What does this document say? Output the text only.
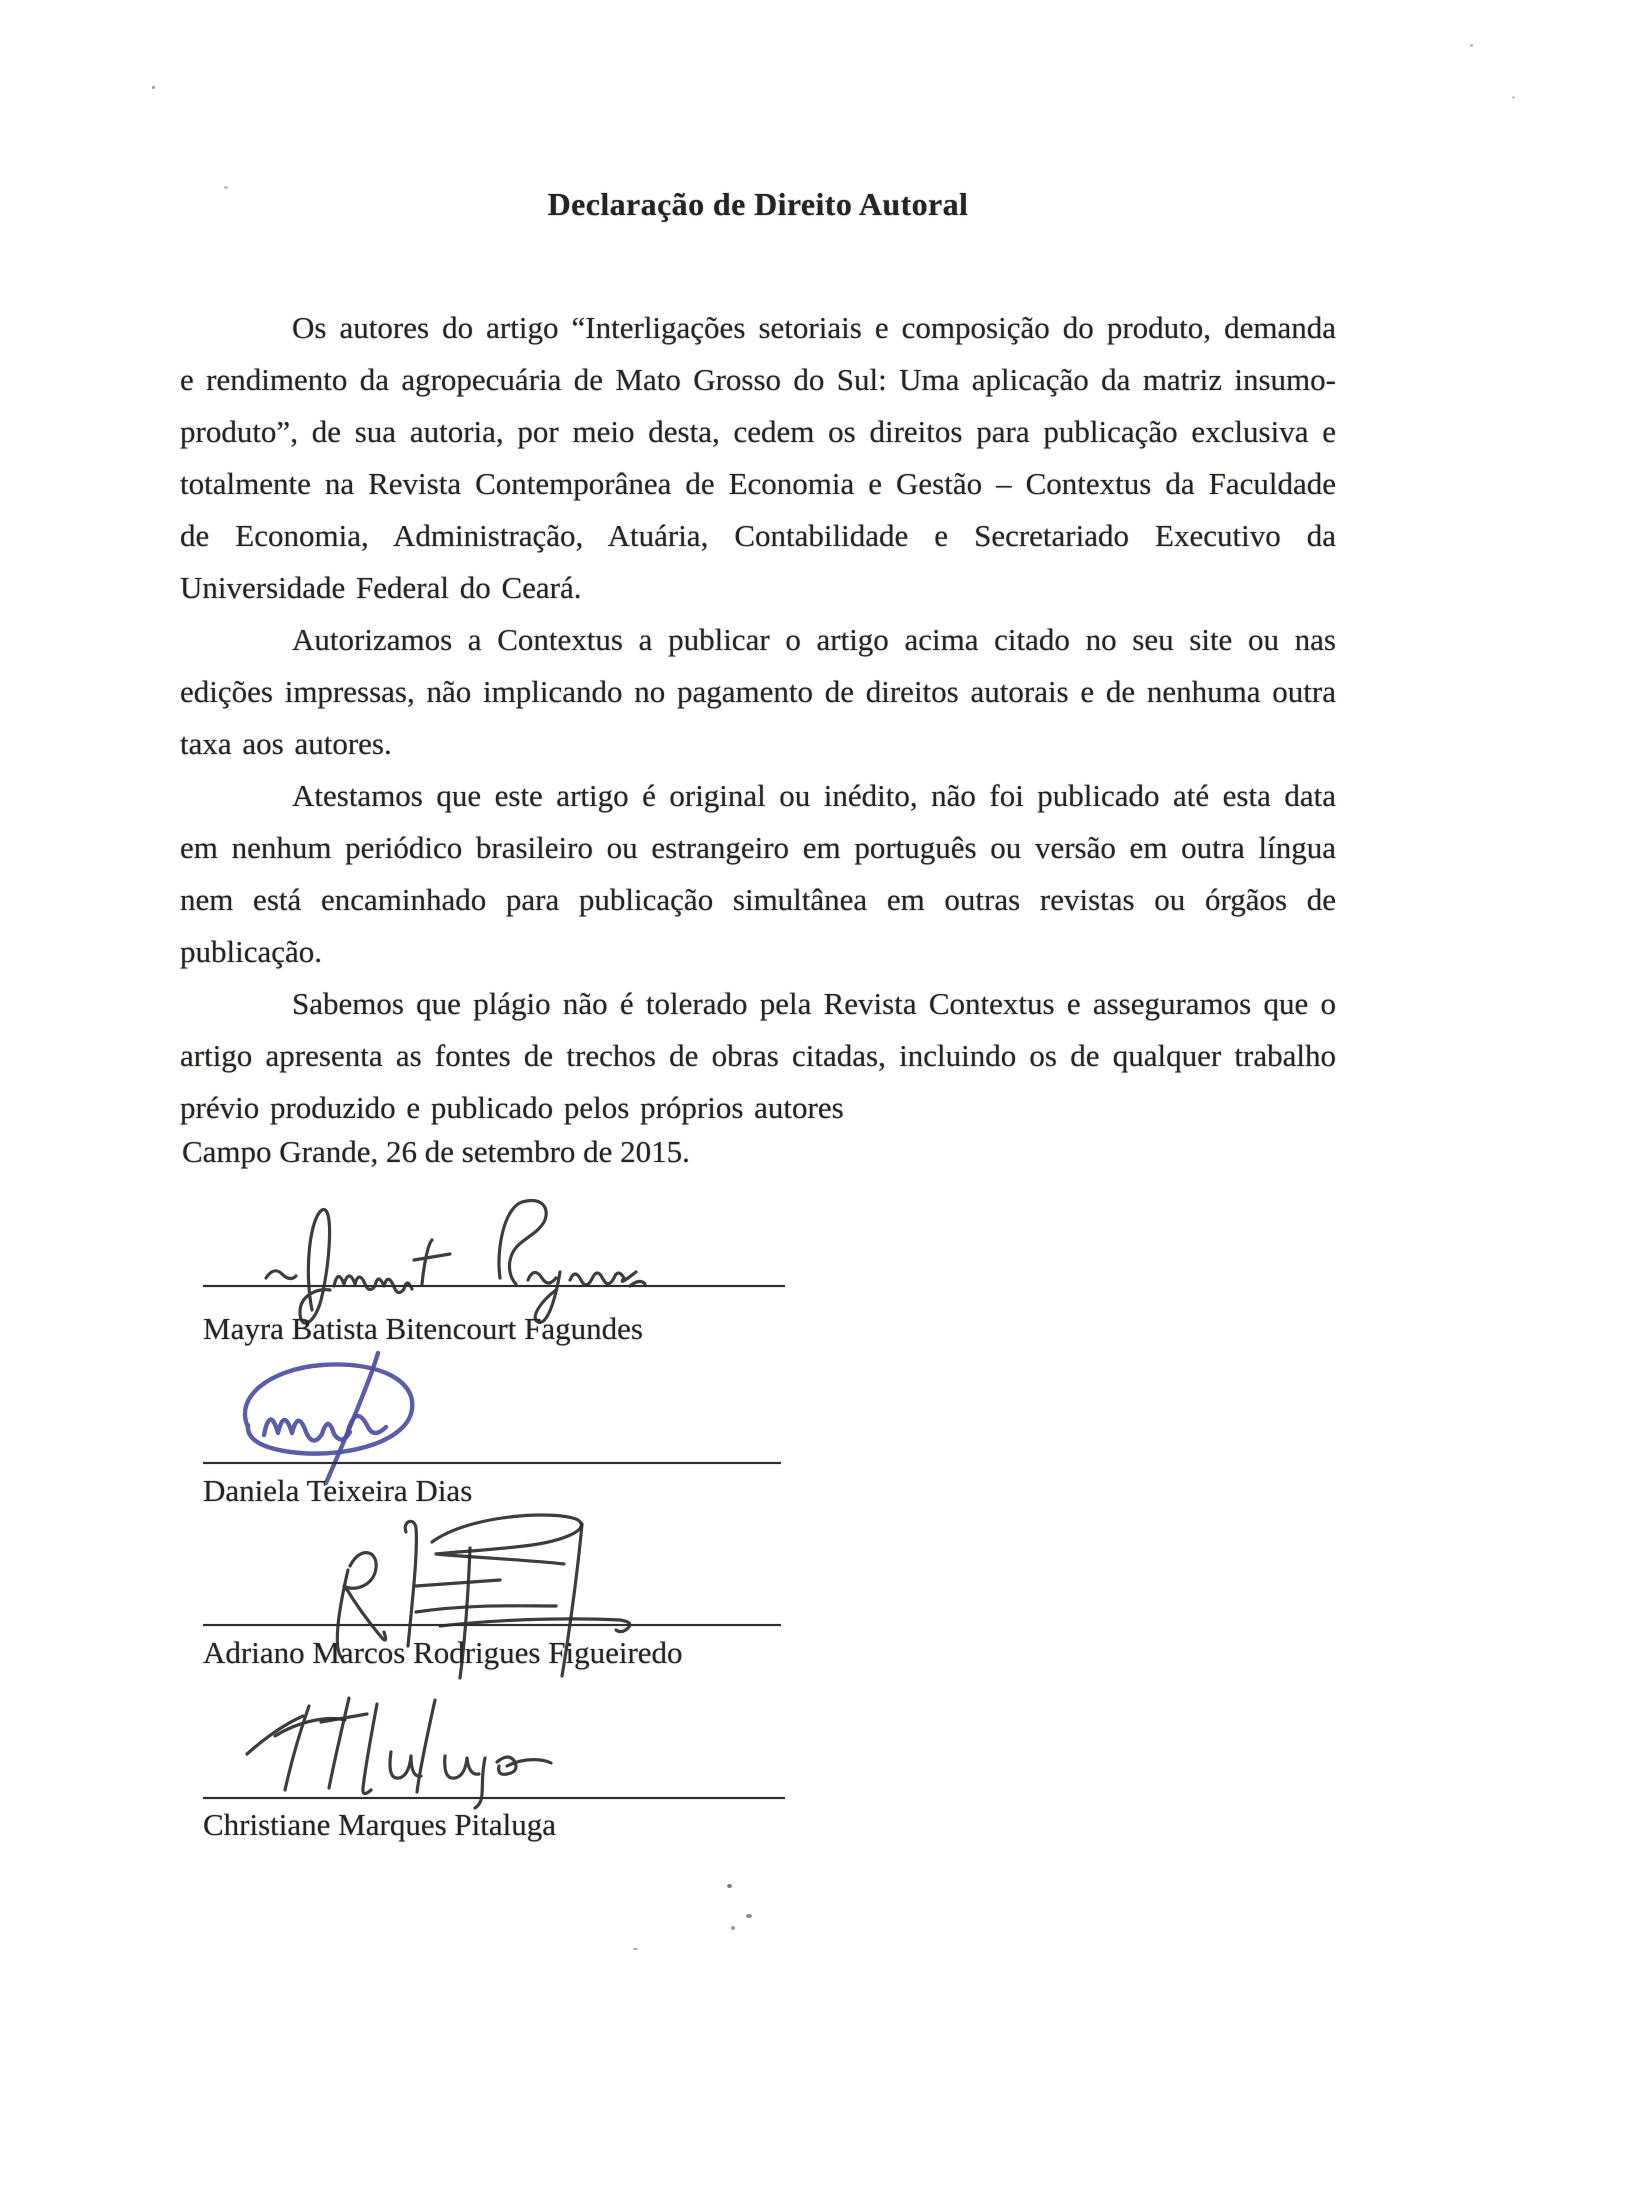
Declaração de Direito Autoral

Os autores do artigo “Interligações setoriais e composição do produto, demanda e rendimento da agropecuária de Mato Grosso do Sul: Uma aplicação da matriz insumo-produto”, de sua autoria, por meio desta, cedem os direitos para publicação exclusiva e totalmente na Revista Contemporânea de Economia e Gestão – Contextus da Faculdade de Economia, Administração, Atuária, Contabilidade e Secretariado Executivo da Universidade Federal do Ceará.

Autorizamos a Contextus a publicar o artigo acima citado no seu site ou nas edições impressas, não implicando no pagamento de direitos autorais e de nenhuma outra taxa aos autores.

Atestamos que este artigo é original ou inédito, não foi publicado até esta data em nenhum periódico brasileiro ou estrangeiro em português ou versão em outra língua nem está encaminhado para publicação simultânea em outras revistas ou órgãos de publicação.

Sabemos que plágio não é tolerado pela Revista Contextus e asseguramos que o artigo apresenta as fontes de trechos de obras citadas, incluindo os de qualquer trabalho prévio produzido e publicado pelos próprios autores

Campo Grande, 26 de setembro de 2015.
Mayra Batista Bitencourt Fagundes
Daniela Teixeira Dias
Adriano Marcos Rodrigues Figueiredo
Christiane Marques Pitaluga
